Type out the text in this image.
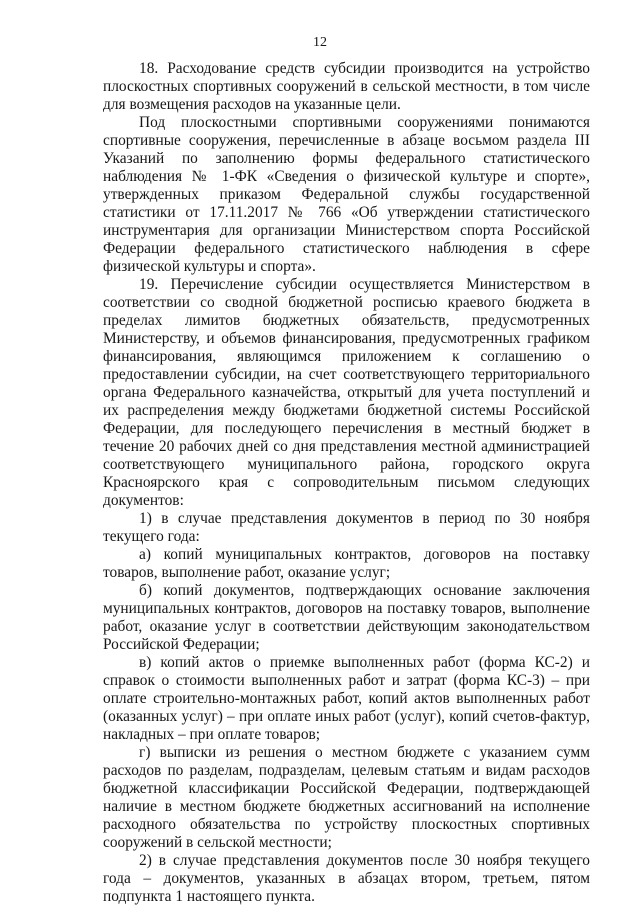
12

18. Расходование средств субсидии производится на устройство плоскостных спортивных сооружений в сельской местности, в том числе для возмещения расходов на указанные цели.

Под плоскостными спортивными сооружениями понимаются спортивные сооружения, перечисленные в абзаце восьмом раздела III Указаний по заполнению формы федерального статистического наблюдения № 1-ФК «Сведения о физической культуре и спорте», утвержденных приказом Федеральной службы государственной статистики от 17.11.2017 № 766 «Об утверждении статистического инструментария для организации Министерством спорта Российской Федерации федерального статистического наблюдения в сфере физической культуры и спорта».

19. Перечисление субсидии осуществляется Министерством в соответствии со сводной бюджетной росписью краевого бюджета в пределах лимитов бюджетных обязательств, предусмотренных Министерству, и объемов финансирования, предусмотренных графиком финансирования, являющимся приложением к соглашению о предоставлении субсидии, на счет соответствующего территориального органа Федерального казначейства, открытый для учета поступлений и их распределения между бюджетами бюджетной системы Российской Федерации, для последующего перечисления в местный бюджет в течение 20 рабочих дней со дня представления местной администрацией соответствующего муниципального района, городского округа Красноярского края с сопроводительным письмом следующих документов:

1) в случае представления документов в период по 30 ноября текущего года:

а) копий муниципальных контрактов, договоров на поставку товаров, выполнение работ, оказание услуг;

б) копий документов, подтверждающих основание заключения муниципальных контрактов, договоров на поставку товаров, выполнение работ, оказание услуг в соответствии действующим законодательством Российской Федерации;

в) копий актов о приемке выполненных работ (форма КС-2) и справок о стоимости выполненных работ и затрат (форма КС-3) – при оплате строительно-монтажных работ, копий актов выполненных работ (оказанных услуг) – при оплате иных работ (услуг), копий счетов-фактур, накладных – при оплате товаров;

г) выписки из решения о местном бюджете с указанием сумм расходов по разделам, подразделам, целевым статьям и видам расходов бюджетной классификации Российской Федерации, подтверждающей наличие в местном бюджете бюджетных ассигнований на исполнение расходного обязательства по устройству плоскостных спортивных сооружений в сельской местности;

2) в случае представления документов после 30 ноября текущего года – документов, указанных в абзацах втором, третьем, пятом подпункта 1 настоящего пункта.
